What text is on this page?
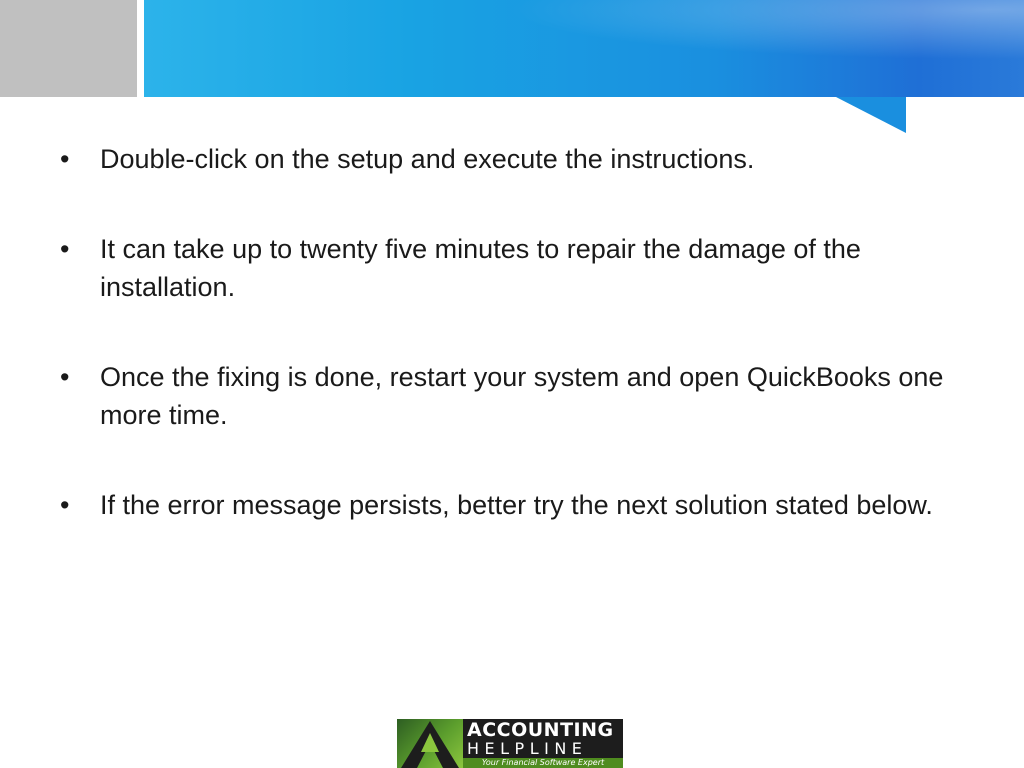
•	Double-click on the setup and execute the instructions.
•	It can take up to twenty five minutes to repair the damage of the installation.
•	Once the fixing is done, restart your system and open QuickBooks one more time.
•	If the error message persists, better try the next solution stated below.
ACCOUNTING
HELPLINE
Your Financial Software Expert
